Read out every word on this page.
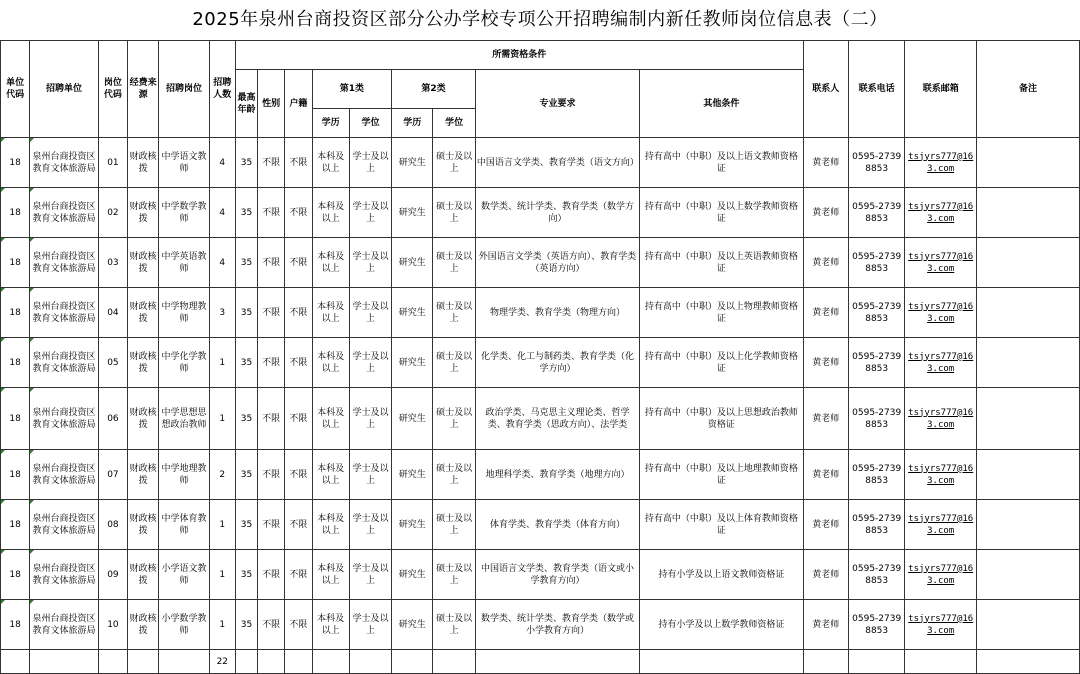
2025年泉州台商投资区部分公办学校专项公开招聘编制内新任教师岗位信息表（二）
单位代码	招聘单位	岗位代码	经费来源	招聘岗位	招聘人数	所需资格条件									联系人	联系电话	联系邮箱	备注
						最高年龄	性别	户籍	第1类		第2类		专业要求	其他条件				
									学历	学位	学历	学位						
18	泉州台商投资区教育文体旅游局	01	财政核拨	中学语文教师	4	35	不限	不限	本科及以上	学士及以上	研究生	硕士及以上	中国语言文学类、教育学类（语文方向）	持有高中（中职）及以上语文教师资格证	黄老师	0595-27398853	tsjyrs777@163.com	
18	泉州台商投资区教育文体旅游局	02	财政核拨	中学数学教师	4	35	不限	不限	本科及以上	学士及以上	研究生	硕士及以上	数学类、统计学类、教育学类（数学方向）	持有高中（中职）及以上数学教师资格证	黄老师	0595-27398853	tsjyrs777@163.com	
18	泉州台商投资区教育文体旅游局	03	财政核拨	中学英语教师	4	35	不限	不限	本科及以上	学士及以上	研究生	硕士及以上	外国语言文学类（英语方向）、教育学类（英语方向）	持有高中（中职）及以上英语教师资格证	黄老师	0595-27398853	tsjyrs777@163.com	
18	泉州台商投资区教育文体旅游局	04	财政核拨	中学物理教师	3	35	不限	不限	本科及以上	学士及以上	研究生	硕士及以上	物理学类、教育学类（物理方向）	持有高中（中职）及以上物理教师资格证	黄老师	0595-27398853	tsjyrs777@163.com	
18	泉州台商投资区教育文体旅游局	05	财政核拨	中学化学教师	1	35	不限	不限	本科及以上	学士及以上	研究生	硕士及以上	化学类、化工与制药类、教育学类（化学方向）	持有高中（中职）及以上化学教师资格证	黄老师	0595-27398853	tsjyrs777@163.com	
18	泉州台商投资区教育文体旅游局	06	财政核拨	中学思想思想政治教师	1	35	不限	不限	本科及以上	学士及以上	研究生	硕士及以上	政治学类、马克思主义理论类、哲学类、教育学类（思政方向）、法学类	持有高中（中职）及以上思想政治教师资格证	黄老师	0595-27398853	tsjyrs777@163.com	
18	泉州台商投资区教育文体旅游局	07	财政核拨	中学地理教师	2	35	不限	不限	本科及以上	学士及以上	研究生	硕士及以上	地理科学类、教育学类（地理方向）	持有高中（中职）及以上地理教师资格证	黄老师	0595-27398853	tsjyrs777@163.com	
18	泉州台商投资区教育文体旅游局	08	财政核拨	中学体育教师	1	35	不限	不限	本科及以上	学士及以上	研究生	硕士及以上	体育学类、教育学类（体育方向）	持有高中（中职）及以上体育教师资格证	黄老师	0595-27398853	tsjyrs777@163.com	
18	泉州台商投资区教育文体旅游局	09	财政核拨	小学语文教师	1	35	不限	不限	本科及以上	学士及以上	研究生	硕士及以上	中国语言文学类、教育学类（语文或小学教育方向）	持有小学及以上语文教师资格证	黄老师	0595-27398853	tsjyrs777@163.com	
18	泉州台商投资区教育文体旅游局	10	财政核拨	小学数学教师	1	35	不限	不限	本科及以上	学士及以上	研究生	硕士及以上	数学类、统计学类、教育学类（数学或小学教育方向）	持有小学及以上数学教师资格证	黄老师	0595-27398853	tsjyrs777@163.com	
					22													
